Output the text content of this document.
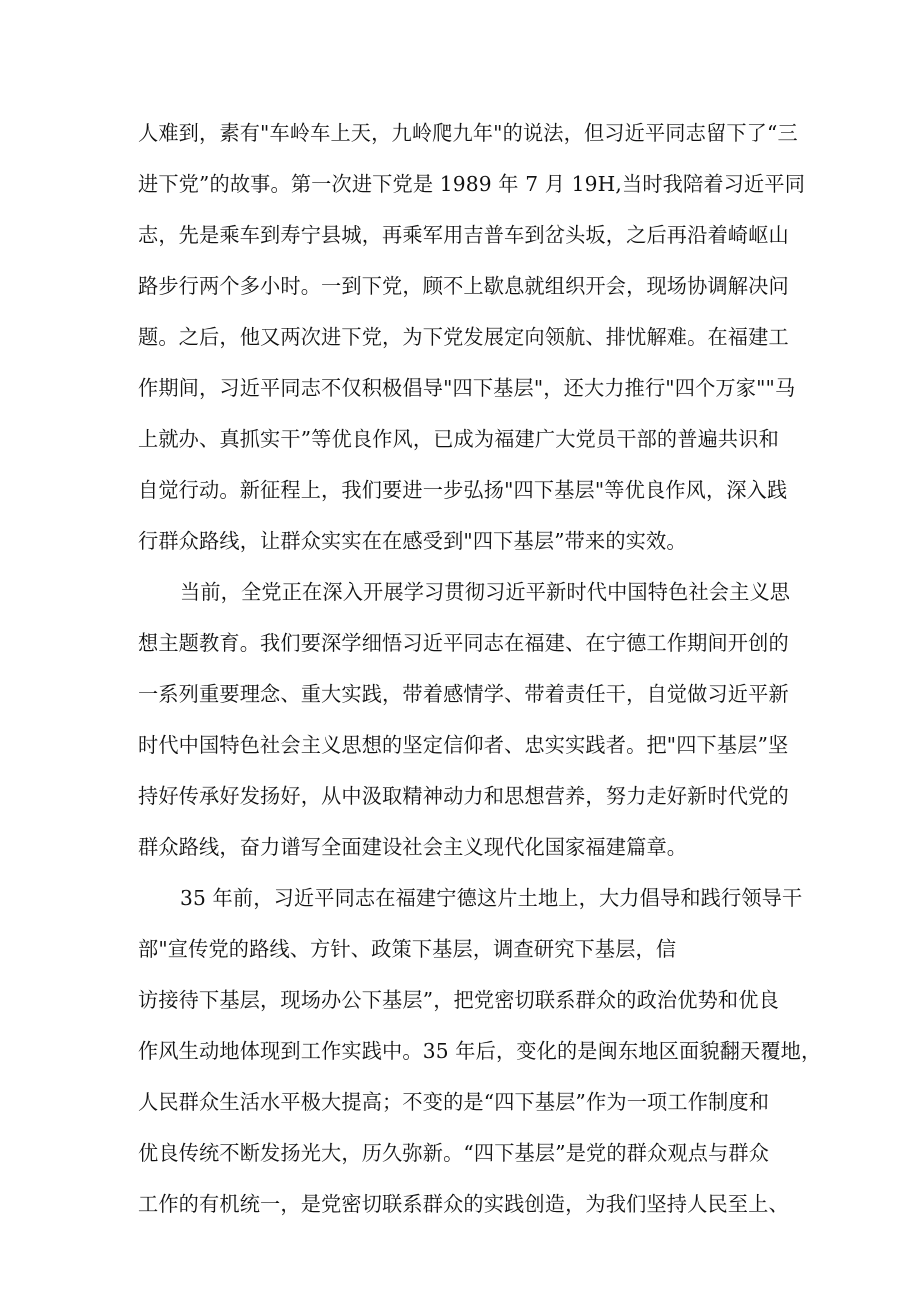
人难到，素有"车岭车上天，九岭爬九年"的说法，但习近平同志留下了“三
进下党”的故事。第一次进下党是 1989 年 7 月 19H,当时我陪着习近平同
志，先是乘车到寿宁县城，再乘军用吉普车到岔头坂，之后再沿着崎岖山
路步行两个多小时。一到下党，顾不上歇息就组织开会，现场协调解决问
题。之后，他又两次进下党，为下党发展定向领航、排忧解难。在福建工
作期间，习近平同志不仅积极倡导"四下基层"，还大力推行"四个万家""马
上就办、真抓实干”等优良作风，已成为福建广大党员干部的普遍共识和
自觉行动。新征程上，我们要进一步弘扬"四下基层"等优良作风，深入践
行群众路线，让群众实实在在感受到"四下基层”带来的实效。
当前，全党正在深入开展学习贯彻习近平新时代中国特色社会主义思
想主题教育。我们要深学细悟习近平同志在福建、在宁德工作期间开创的
一系列重要理念、重大实践，带着感情学、带着责任干，自觉做习近平新
时代中国特色社会主义思想的坚定信仰者、忠实实践者。把"四下基层”坚
持好传承好发扬好，从中汲取精神动力和思想营养，努力走好新时代党的
群众路线，奋力谱写全面建设社会主义现代化国家福建篇章。
35 年前，习近平同志在福建宁德这片土地上，大力倡导和践行领导干
部"宣传党的路线、方针、政策下基层，调查研究下基层，信
访接待下基层，现场办公下基层”，把党密切联系群众的政治优势和优良
作风生动地体现到工作实践中。35 年后，变化的是闽东地区面貌翻天覆地，
人民群众生活水平极大提高；不变的是“四下基层”作为一项工作制度和
优良传统不断发扬光大，历久弥新。“四下基层”是党的群众观点与群众
工作的有机统一，是党密切联系群众的实践创造，为我们坚持人民至上、
